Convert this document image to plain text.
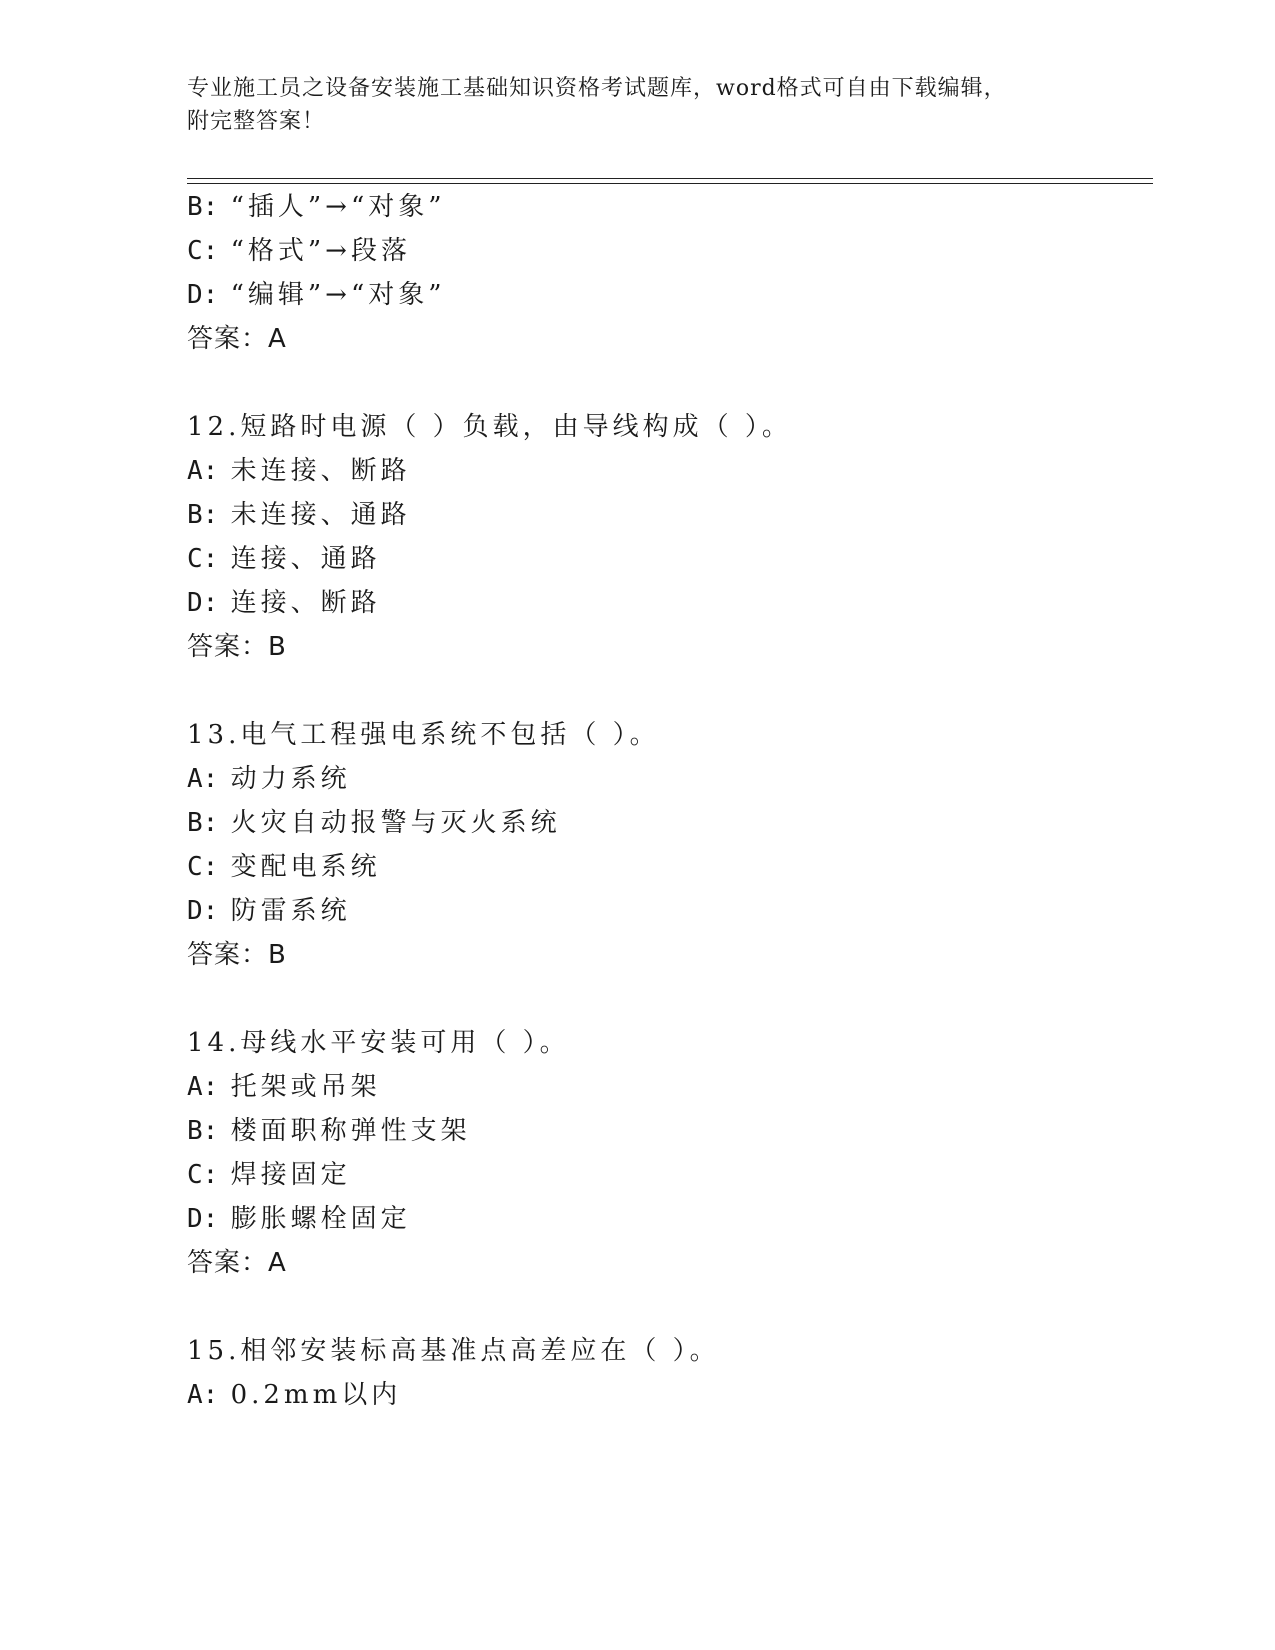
专业施工员之设备安装施工基础知识资格考试题库，word格式可自由下载编辑，
附完整答案！
B: “插人”→“对象”
C: “格式”→段落
D: “编辑”→“对象”
答案：A
12.短路时电源（ ）负载，由导线构成（ ）。
A: 未连接、断路
B: 未连接、通路
C: 连接、通路
D: 连接、断路
答案：B
13.电气工程强电系统不包括（ ）。
A: 动力系统
B: 火灾自动报警与灭火系统
C: 变配电系统
D: 防雷系统
答案：B
14.母线水平安装可用（ ）。
A: 托架或吊架
B: 楼面职称弹性支架
C: 焊接固定
D: 膨胀螺栓固定
答案：A
15.相邻安装标高基准点高差应在（ ）。
A: 0.2mm以内
